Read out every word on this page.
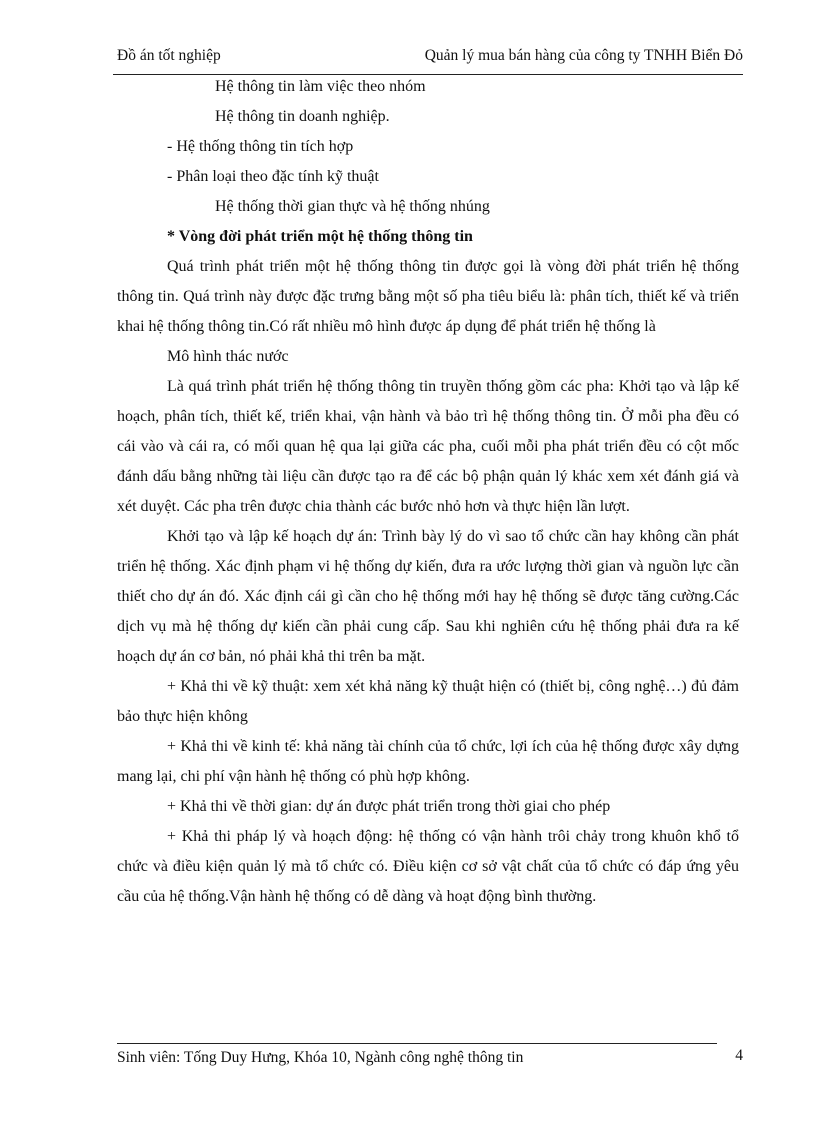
Đồ án tốt nghiệp	Quản lý mua bán hàng của công ty TNHH Biển Đỏ

Hệ thông tin làm việc theo nhóm

Hệ thông tin doanh nghiệp.

- Hệ thống thông tin tích hợp

- Phân loại theo đặc tính kỹ thuật

Hệ thống thời gian thực và hệ thống nhúng

* Vòng đời phát triển một hệ thống thông tin

Quá trình phát triển một hệ thống thông tin được gọi là vòng đời phát triển hệ thống thông tin. Quá trình này được đặc trưng bằng một số pha tiêu biểu là: phân tích, thiết kế và triển khai hệ thống thông tin.Có rất nhiều mô hình được áp dụng để phát triển hệ thống là

Mô hình thác nước

Là quá trình phát triển hệ thống thông tin truyền thống gồm các pha: Khởi tạo và lập kế hoạch, phân tích, thiết kế, triển khai, vận hành và bảo trì hệ thống thông tin. Ở mỗi pha đều có cái vào và cái ra, có mối quan hệ qua lại giữa các pha, cuối mỗi pha phát triển đều có cột mốc đánh dấu bằng những tài liệu cần được tạo ra để các bộ phận quản lý khác xem xét đánh giá và xét duyệt. Các pha trên được chia thành các bước nhỏ hơn và thực hiện lần lượt.

Khởi tạo và lập kế hoạch dự án: Trình bày lý do vì sao tổ chức cần hay không cần phát triển hệ thống. Xác định phạm vi hệ thống dự kiến, đưa ra ước lượng thời gian và nguồn lực cần thiết cho dự án đó. Xác định cái gì cần cho hệ thống mới hay hệ thống sẽ được tăng cường.Các dịch vụ mà hệ thống dự kiến cần phải cung cấp. Sau khi nghiên cứu hệ thống phải đưa ra kế hoạch dự án cơ bản, nó phải khả thi trên ba mặt.

+ Khả thi về kỹ thuật: xem xét khả năng kỹ thuật hiện có (thiết bị, công nghệ…) đủ đảm bảo thực hiện không

+ Khả thi về kinh tế: khả năng tài chính của tổ chức, lợi ích của hệ thống được xây dựng mang lại, chi phí vận hành hệ thống có phù hợp không.

+ Khả thi về thời gian: dự án được phát triển trong thời giai cho phép

+ Khả thi pháp lý và hoạch động: hệ thống có vận hành trôi chảy trong khuôn khổ tổ chức và điều kiện quản lý mà tổ chức có. Điều kiện cơ sở vật chất của tổ chức có đáp ứng yêu cầu của hệ thống.Vận hành hệ thống có dễ dàng và hoạt động bình thường.

Sinh viên: Tống Duy Hưng, Khóa 10, Ngành công nghệ thông tin	4
